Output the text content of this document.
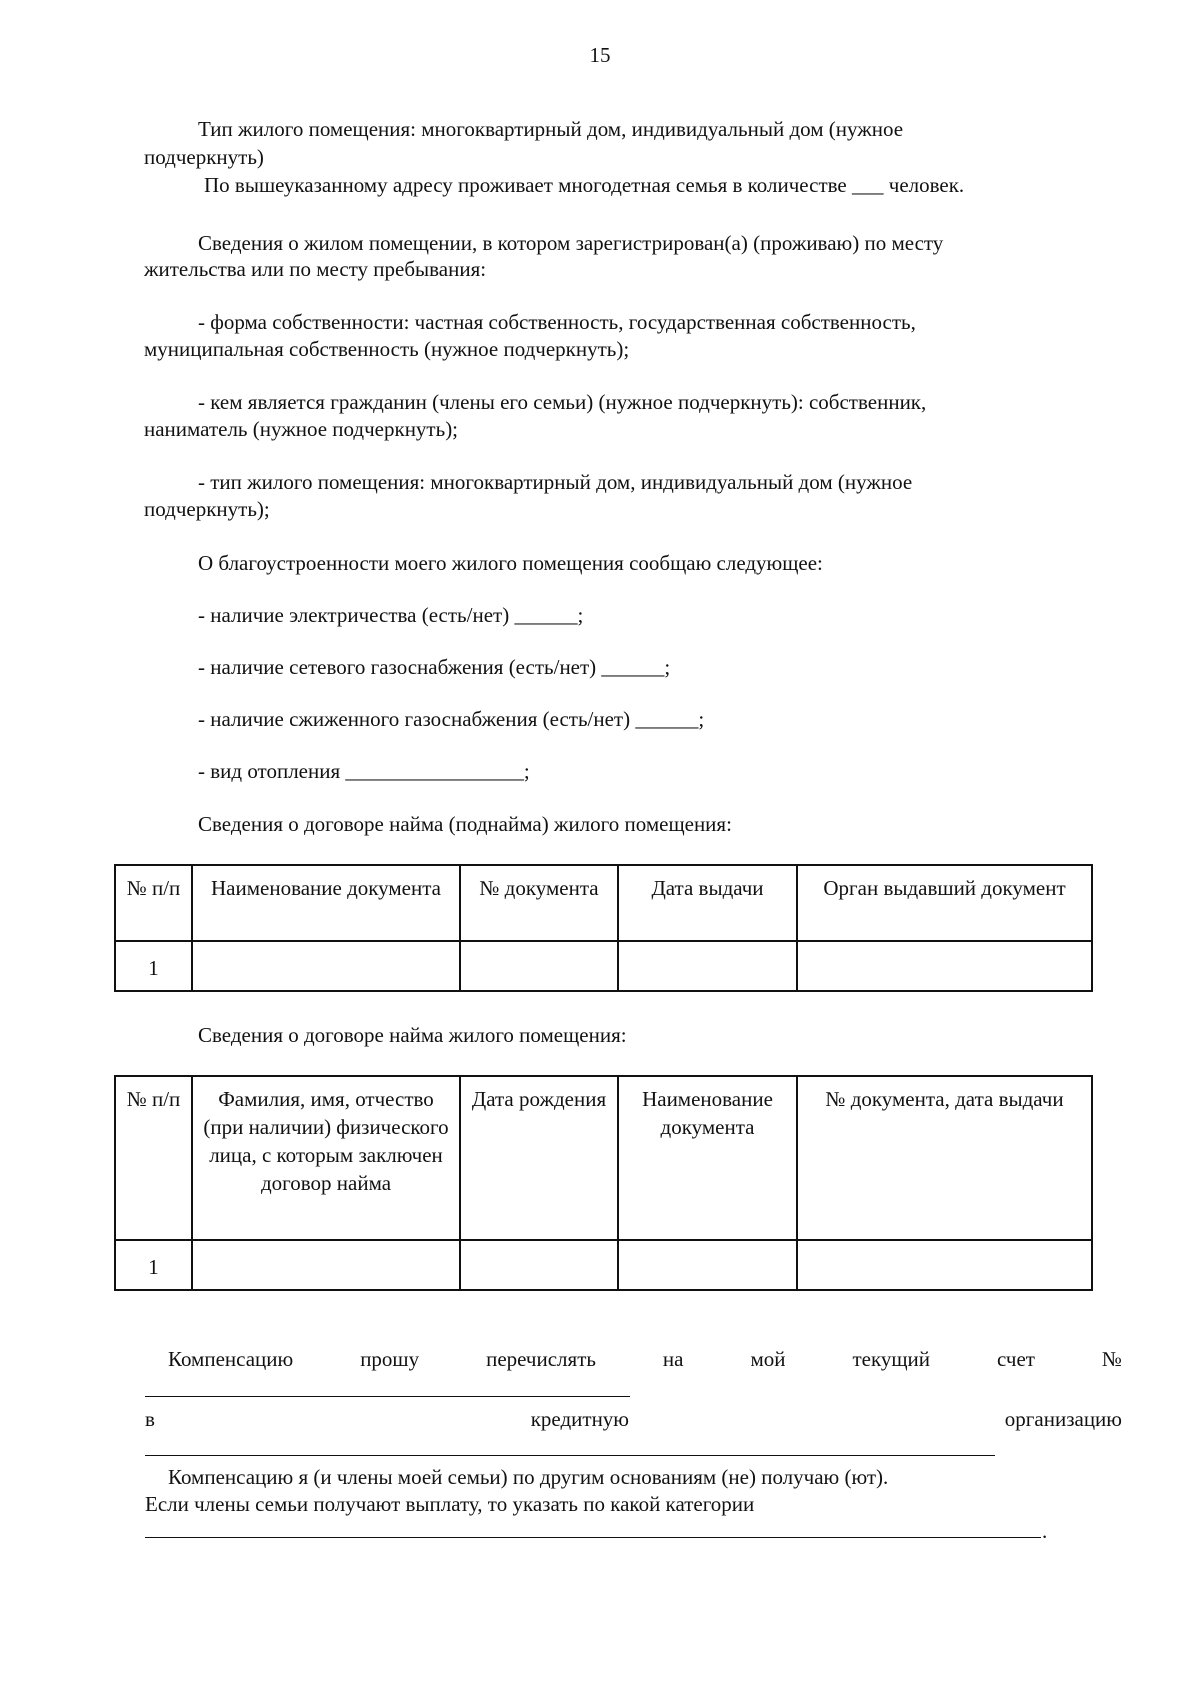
15
Тип жилого помещения: многоквартирный дом, индивидуальный дом (нужное
подчеркнуть)
По вышеуказанному адресу проживает многодетная семья в количестве ___ человек.
Сведения о жилом помещении, в котором зарегистрирован(а) (проживаю) по месту
жительства или по месту пребывания:
- форма собственности: частная собственность, государственная собственность,
муниципальная собственность (нужное подчеркнуть);
- кем является гражданин (члены его семьи) (нужное подчеркнуть): собственник,
наниматель (нужное подчеркнуть);
- тип жилого помещения: многоквартирный дом, индивидуальный дом (нужное
подчеркнуть);
О благоустроенности моего жилого помещения сообщаю следующее:
- наличие электричества (есть/нет) ______;
- наличие сетевого газоснабжения (есть/нет) ______;
- наличие сжиженного газоснабжения (есть/нет) ______;
- вид отопления _________________;
Сведения о договоре найма (поднайма) жилого помещения:
№ п/п	Наименование документа	№ документа	Дата выдачи	Орган выдавший документ
1				
Сведения о договоре найма жилого помещения:
№ п/п	Фамилия, имя, отчество (при наличии) физического лица, с которым заключен договор найма	Дата рождения	Наименование документа	№ документа, дата выдачи
1				
Компенсацию	прошу	перечислять	на	мой	текущий	счет	№
в	кредитную	организацию
Компенсацию я (и члены моей семьи) по другим основаниям (не) получаю (ют).
Если члены семьи получают выплату, то указать по какой категории
.
